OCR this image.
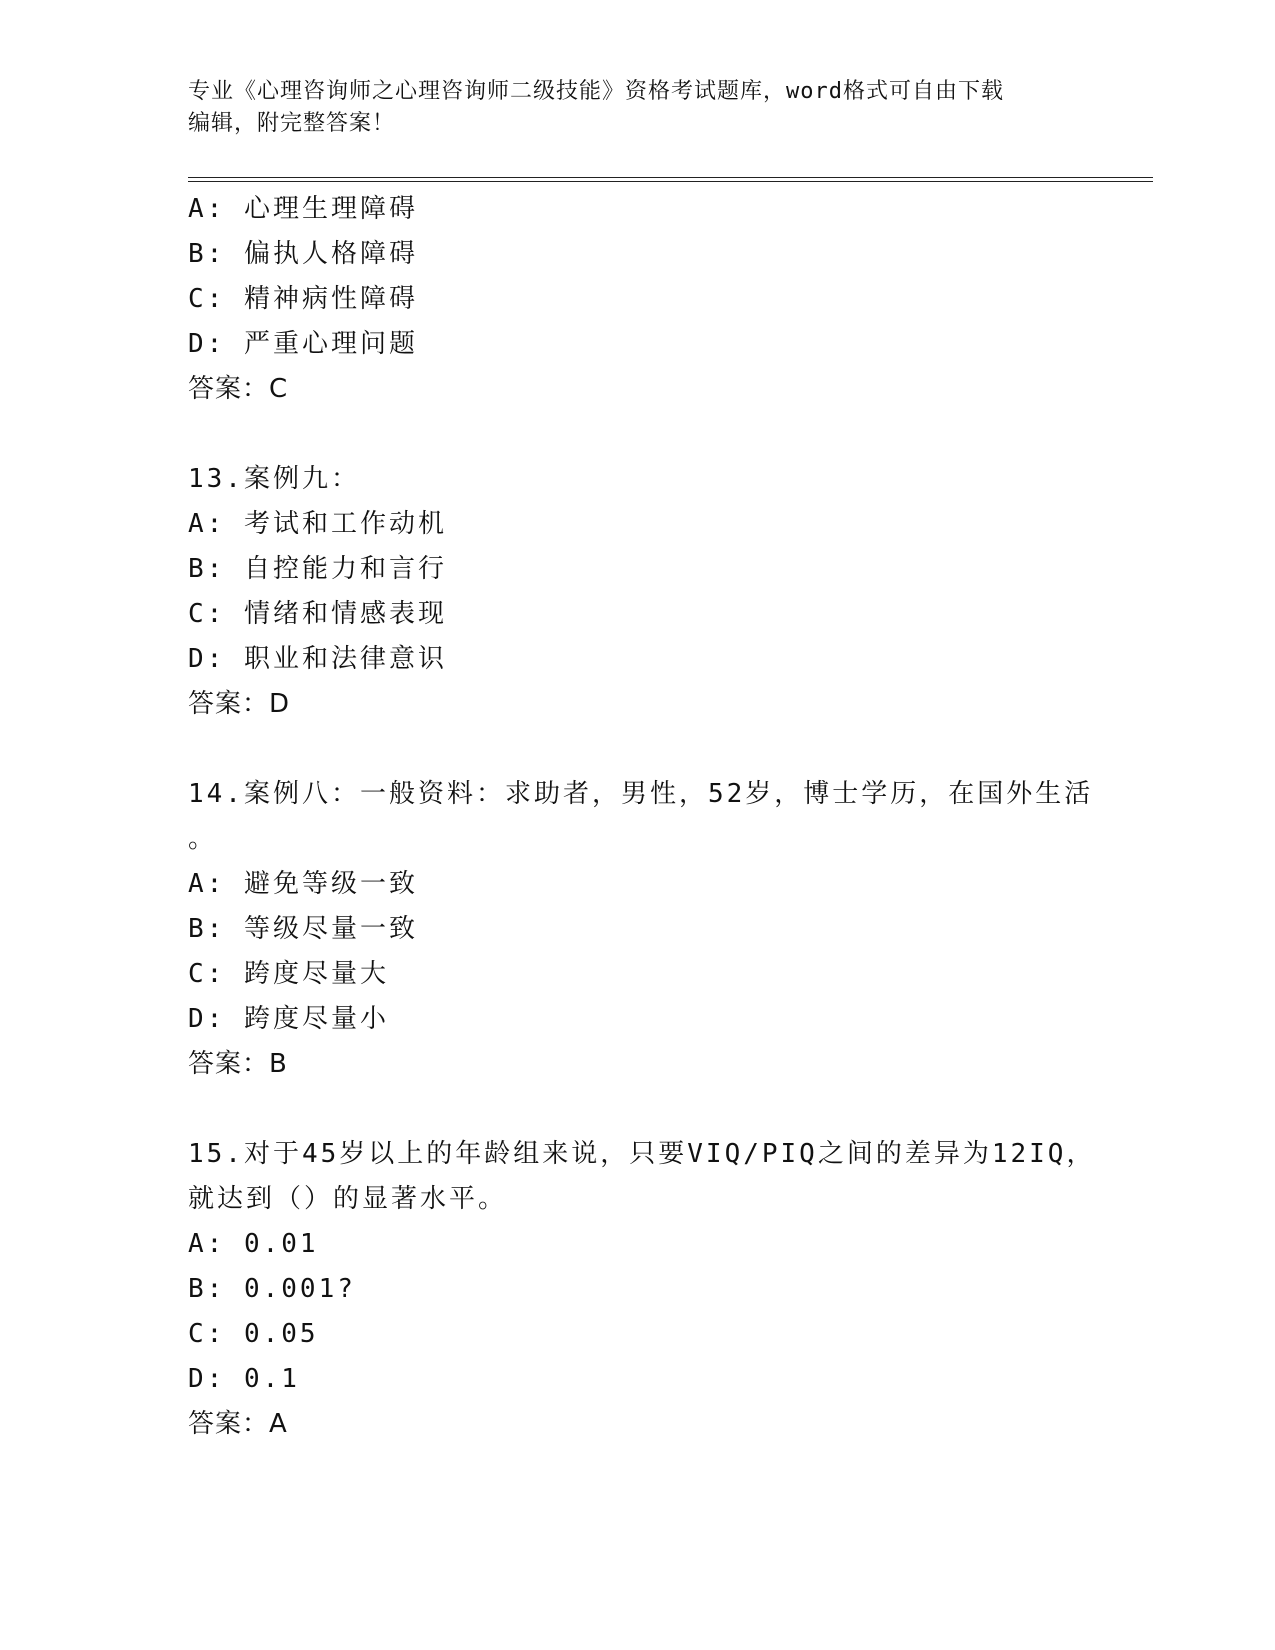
专业《心理咨询师之心理咨询师二级技能》资格考试题库，word格式可自由下载
编辑，附完整答案！
A: 心理生理障碍
B: 偏执人格障碍
C: 精神病性障碍
D: 严重心理问题
答案：C
13.案例九：
A: 考试和工作动机
B: 自控能力和言行
C: 情绪和情感表现
D: 职业和法律意识
答案：D
14.案例八：一般资料：求助者，男性，52岁，博士学历，在国外生活
。
A: 避免等级一致
B: 等级尽量一致
C: 跨度尽量大
D: 跨度尽量小
答案：B
15.对于45岁以上的年龄组来说，只要VIQ/PIQ之间的差异为12IQ，
就达到（）的显著水平。
A: 0.01
B: 0.001?
C: 0.05
D: 0.1
答案：A
